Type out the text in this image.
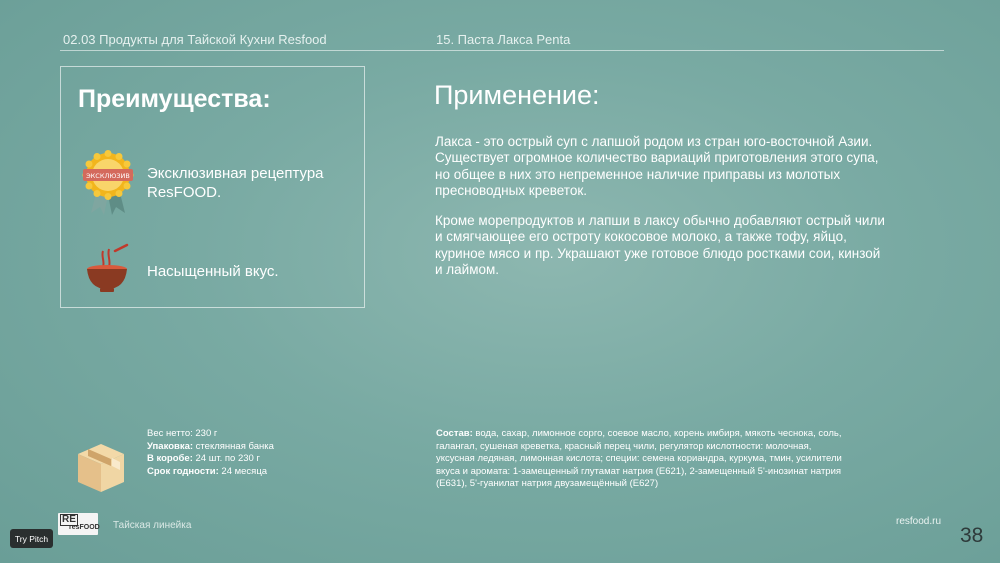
02.03 Продукты для Тайской Кухни Resfood	15. Паста Лакса Penta
Преимущества:
ЭКСКЛЮЗИВ Эксклюзивная рецептура ResFOOD.
Насыщенный вкус.
Применение:

Лакса - это острый суп с лапшой родом из стран юго-восточной Азии. Существует огромное количество вариаций приготовления этого супа, но общее в них это непременное наличие приправы из молотых пресноводных креветок.

Кроме морепродуктов и лапши в лаксу обычно добавляют острый чили и смягчающее его остроту кокосовое молоко, а также тофу, яйцо, куриное мясо и пр. Украшают уже готовое блюдо ростками сои, кинзой и лаймом.

Вес нетто: 230 г
Упаковка: стеклянная банка
В коробе: 24 шт. по 230 г
Срок годности: 24 месяца
Состав: вода, сахар, лимонное сорго, соевое масло, корень имбиря, мякоть чеснока, соль, галангал, сушеная креветка, красный перец чили, регулятор кислотности: молочная, уксусная ледяная, лимонная кислота; специи: семена кориандра, куркума, тмин, усилители вкуса и аромата: 1-замещенный глутамат натрия (Е621), 2-замещенный 5'-инозинат натрия (Е631), 5'-гуанилат натрия двузамещённый (Е627)
RE
resFOOD Тайская линейка	resfood.ru
38
Try Pitch
